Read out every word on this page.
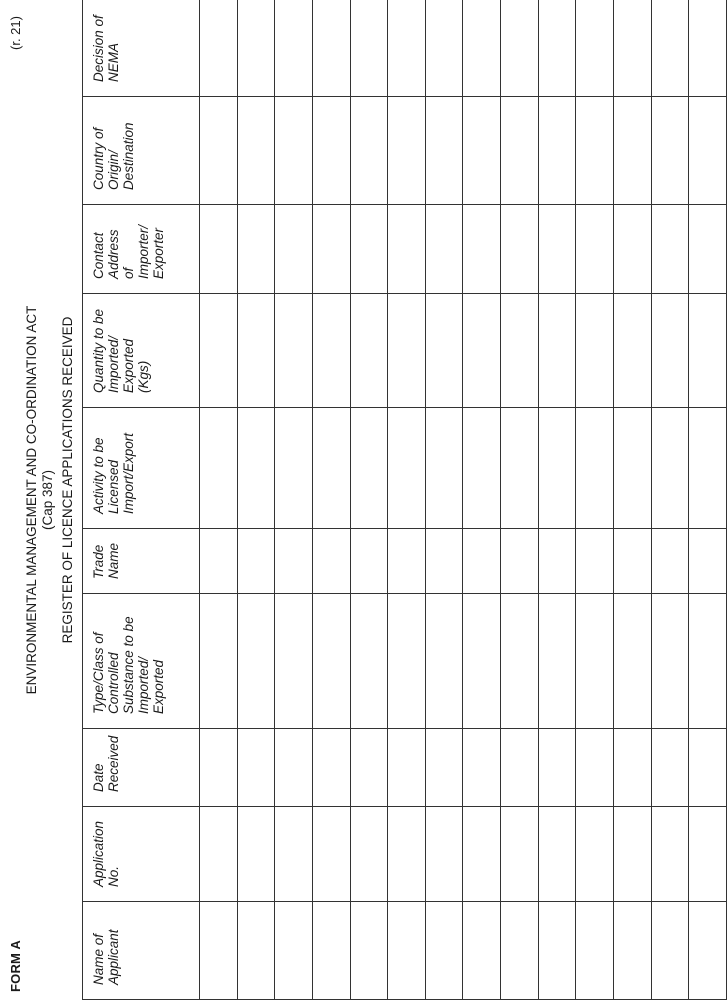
FORM A
(r. 21)
ENVIRONMENTAL MANAGEMENT AND CO-ORDINATION ACT (Cap 387) REGISTER OF LICENCE APPLICATIONS RECEIVED
Name of Applicant	Application No.	Date Received	Type/Class of Controlled Substance to be Imported/ Exported	Trade Name	Activity to be Licensed Import/Export	Quantity to be Imported/ Exported (Kgs)	Contact Address of Importer/ Exporter	Country of Origin/ Destination	Decision of NEMA
